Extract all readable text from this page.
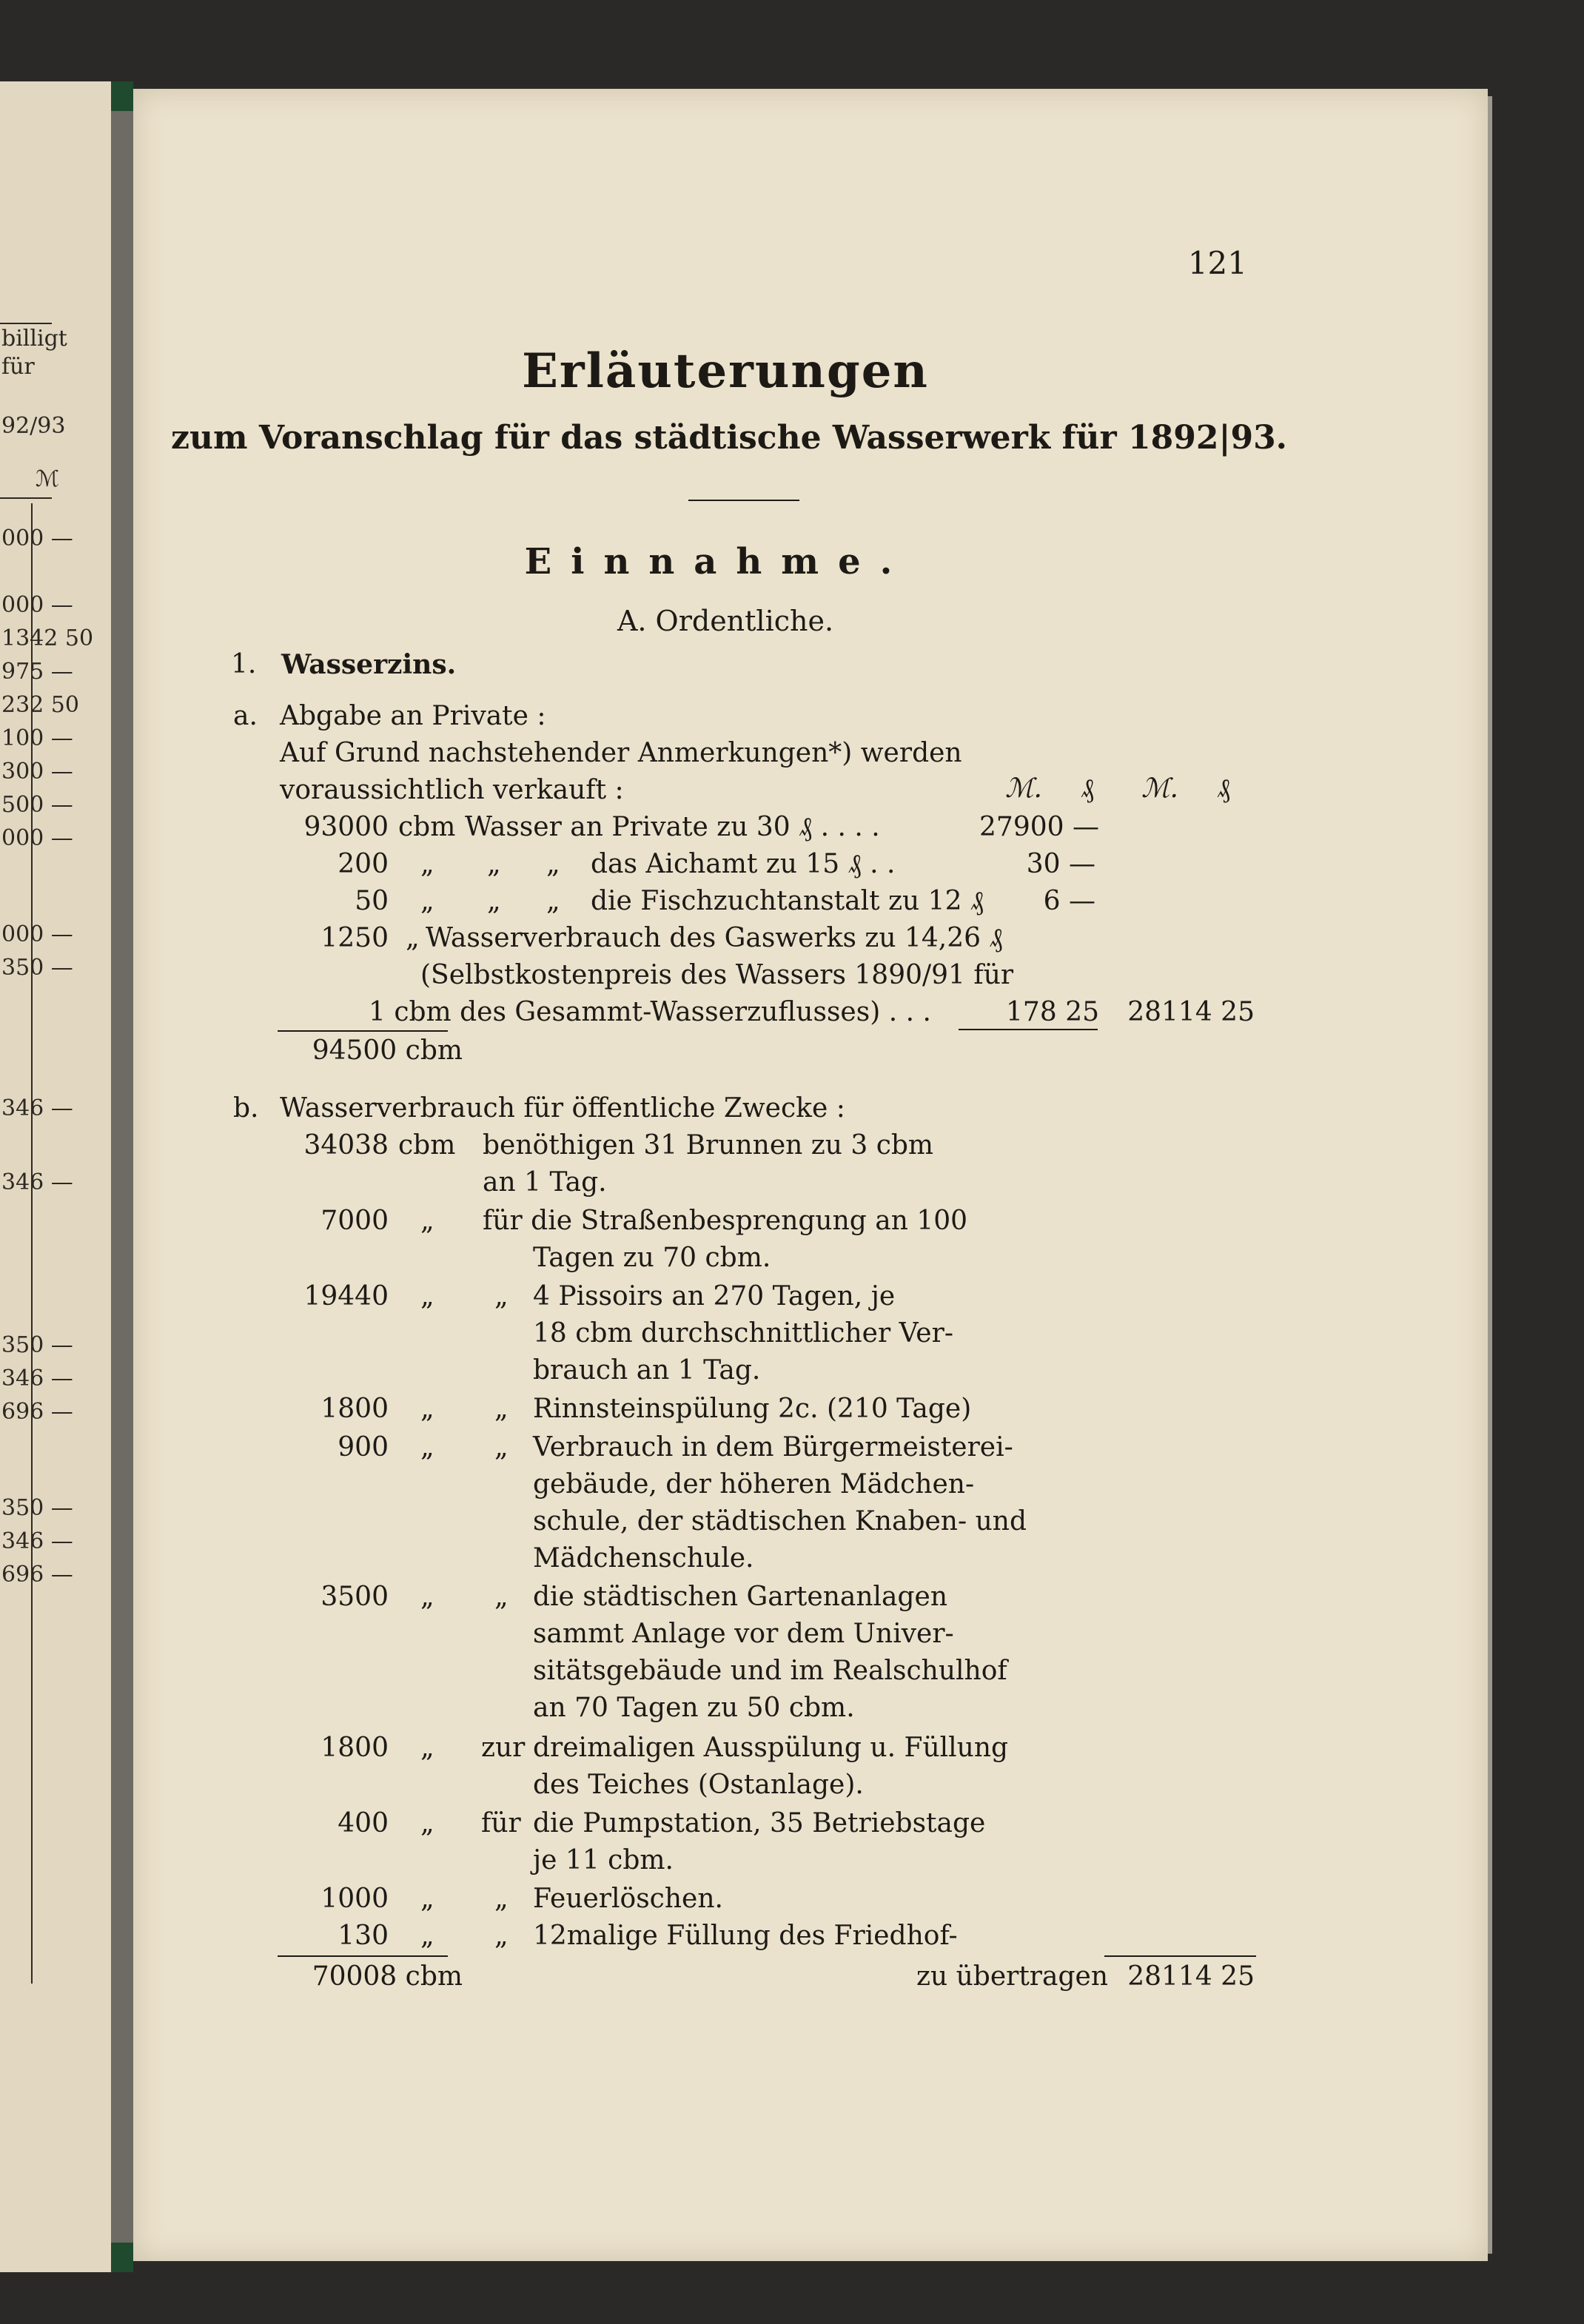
billigt
für
92/93
ℳ
000 —
000 —
1342 50
975 —
232 50
100 —
300 —
500 —
000 —
000 —
350 —
346 —
346 —
350 —
346 —
696 —
350 —
346 —
696 —
121
Erläuterungen
zum Voranschlag für das städtische Wasserwerk für 1892|93.
Einnahme.
A. Ordentliche.
1. Wasserzins.
a. Abgabe an Private :
Auf Grund nachstehender Anmerkungen*) werden
voraussichtlich verkauft :	ℳ. ₰ ℳ. ₰
93000 cbm Wasser an Private zu 30 ₰ . . . .	27900 —
200 „ „ „ das Aichamt zu 15 ₰ . .	30 —
50 „ „ „ die Fischzuchtanstalt zu 12 ₰ 6 —
1250 „ Wasserverbrauch des Gaswerks zu 14,26 ₰
(Selbstkostenpreis des Wassers 1890/91 für
1 cbm des Gesammt-Wasserzuflusses) . . .	178 25 28114 25
94500 cbm
b. Wasserverbrauch für öffentliche Zwecke :
34038 cbm benöthigen 31 Brunnen zu 3 cbm
an 1 Tag.
7000 „ für die Straßenbesprengung an 100
Tagen zu 70 cbm.
19440 „ „ 4 Pissoirs an 270 Tagen, je
18 cbm durchschnittlicher Ver-
brauch an 1 Tag.
1800 „ „ Rinnsteinspülung 2c. (210 Tage)
900 „ „ Verbrauch in dem Bürgermeisterei-
gebäude, der höheren Mädchen-
schule, der städtischen Knaben- und
Mädchenschule.
3500 „ „ die städtischen Gartenanlagen
sammt Anlage vor dem Univer-
sitätsgebäude und im Realschulhof
an 70 Tagen zu 50 cbm.
1800 „ zur dreimaligen Ausspülung u. Füllung
des Teiches (Ostanlage).
400 „ für die Pumpstation, 35 Betriebstage
je 11 cbm.
1000 „ „ Feuerlöschen.
130 „ „ 12malige Füllung des Friedhof-
70008 cbm	zu übertragen 28114 25
